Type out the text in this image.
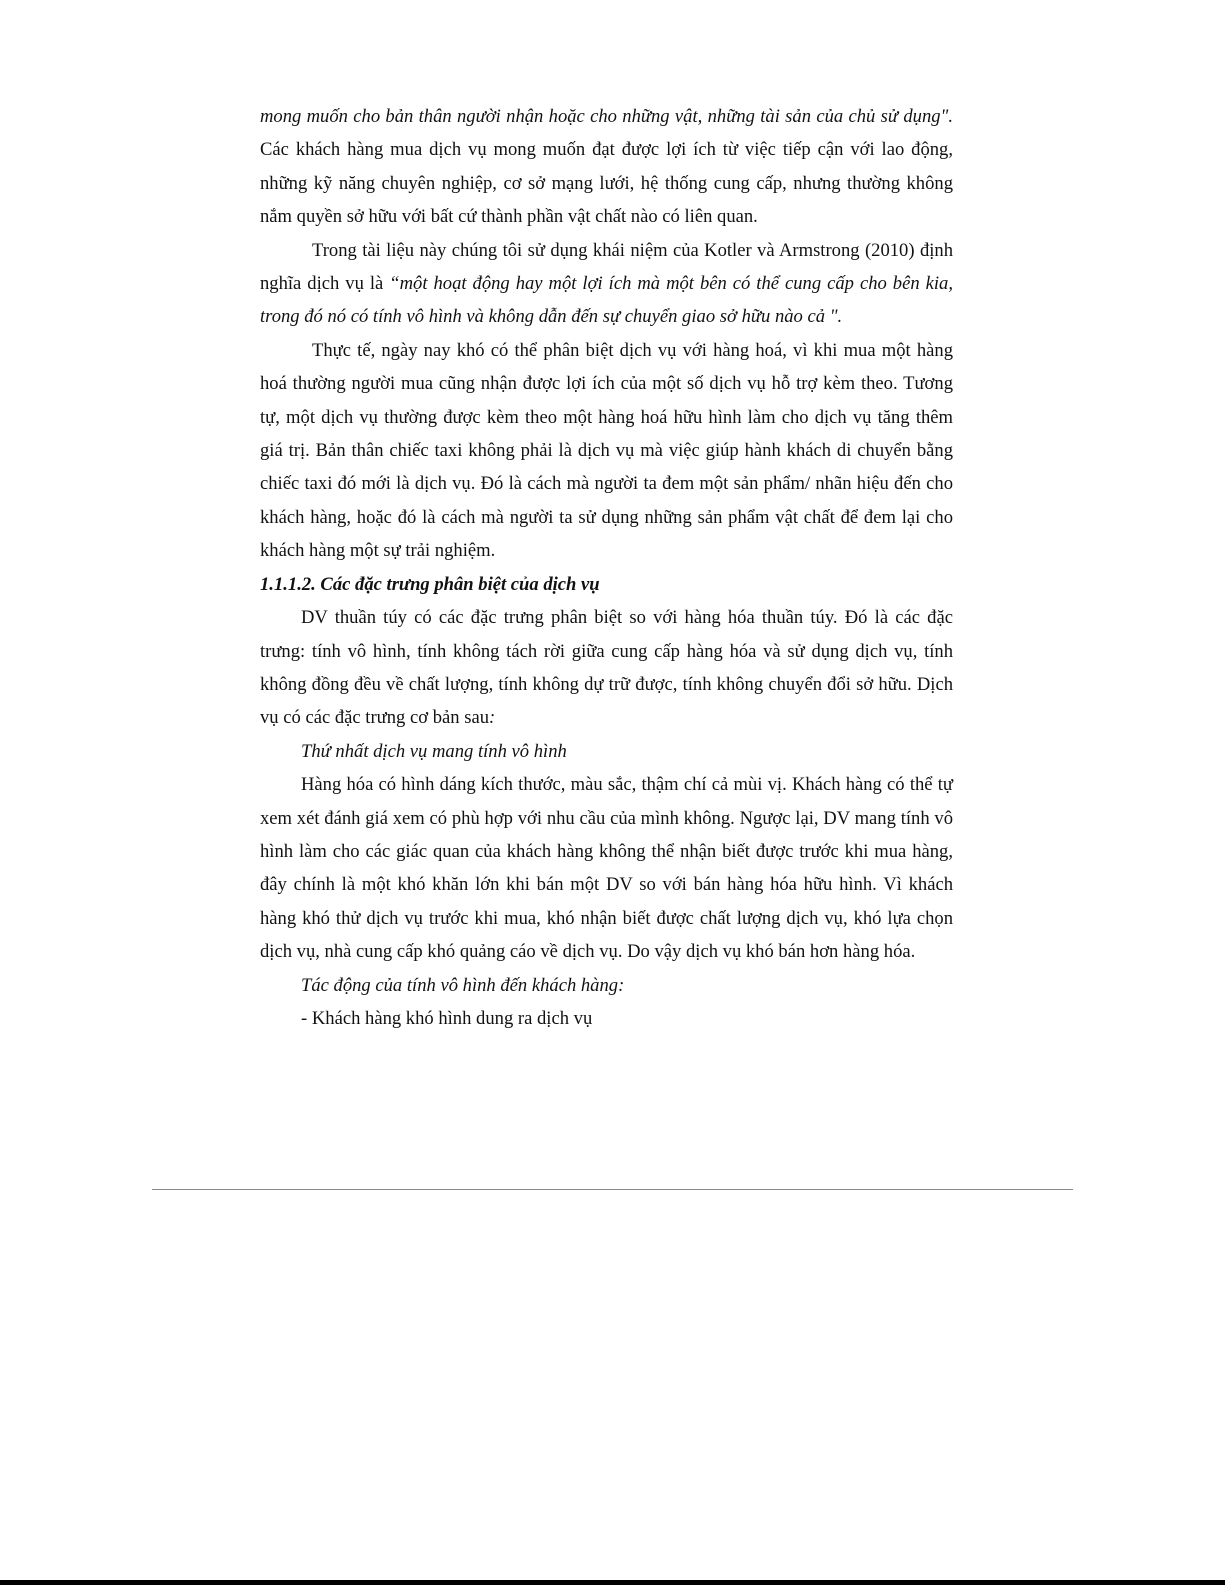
mong muốn cho bản thân người nhận hoặc cho những vật, những tài sản của chủ sử dụng". Các khách hàng mua dịch vụ mong muốn đạt được lợi ích từ việc tiếp cận với lao động, những kỹ năng chuyên nghiệp, cơ sở mạng lưới, hệ thống cung cấp, nhưng thường không nắm quyền sở hữu với bất cứ thành phần vật chất nào có liên quan.

Trong tài liệu này chúng tôi sử dụng khái niệm của Kotler và Armstrong (2010) định nghĩa dịch vụ là “một hoạt động hay một lợi ích mà một bên có thể cung cấp cho bên kia, trong đó nó có tính vô hình và không dẫn đến sự chuyển giao sở hữu nào cả ".

Thực tế, ngày nay khó có thể phân biệt dịch vụ với hàng hoá, vì khi mua một hàng hoá thường người mua cũng nhận được lợi ích của một số dịch vụ hỗ trợ kèm theo. Tương tự, một dịch vụ thường được kèm theo một hàng hoá hữu hình làm cho dịch vụ tăng thêm giá trị. Bản thân chiếc taxi không phải là dịch vụ mà việc giúp hành khách di chuyển bằng chiếc taxi đó mới là dịch vụ. Đó là cách mà người ta đem một sản phẩm/ nhãn hiệu đến cho khách hàng, hoặc đó là cách mà người ta sử dụng những sản phẩm vật chất để đem lại cho khách hàng một sự trải nghiệm.

1.1.1.2. Các đặc trưng phân biệt của dịch vụ

DV thuần túy có các đặc trưng phân biệt so với hàng hóa thuần túy. Đó là các đặc trưng: tính vô hình, tính không tách rời giữa cung cấp hàng hóa và sử dụng dịch vụ, tính không đồng đều về chất lượng, tính không dự trữ được, tính không chuyển đổi sở hữu. Dịch vụ có các đặc trưng cơ bản sau:

Thứ nhất dịch vụ mang tính vô hình

Hàng hóa có hình dáng kích thước, màu sắc, thậm chí cả mùi vị. Khách hàng có thể tự xem xét đánh giá xem có phù hợp với nhu cầu của mình không. Ngược lại, DV mang tính vô hình làm cho các giác quan của khách hàng không thể nhận biết được trước khi mua hàng, đây chính là một khó khăn lớn khi bán một DV so với bán hàng hóa hữu hình. Vì khách hàng khó thử dịch vụ trước khi mua, khó nhận biết được chất lượng dịch vụ, khó lựa chọn dịch vụ, nhà cung cấp khó quảng cáo về dịch vụ. Do vậy dịch vụ khó bán hơn hàng hóa.

Tác động của tính vô hình đến khách hàng:

- Khách hàng khó hình dung ra dịch vụ
